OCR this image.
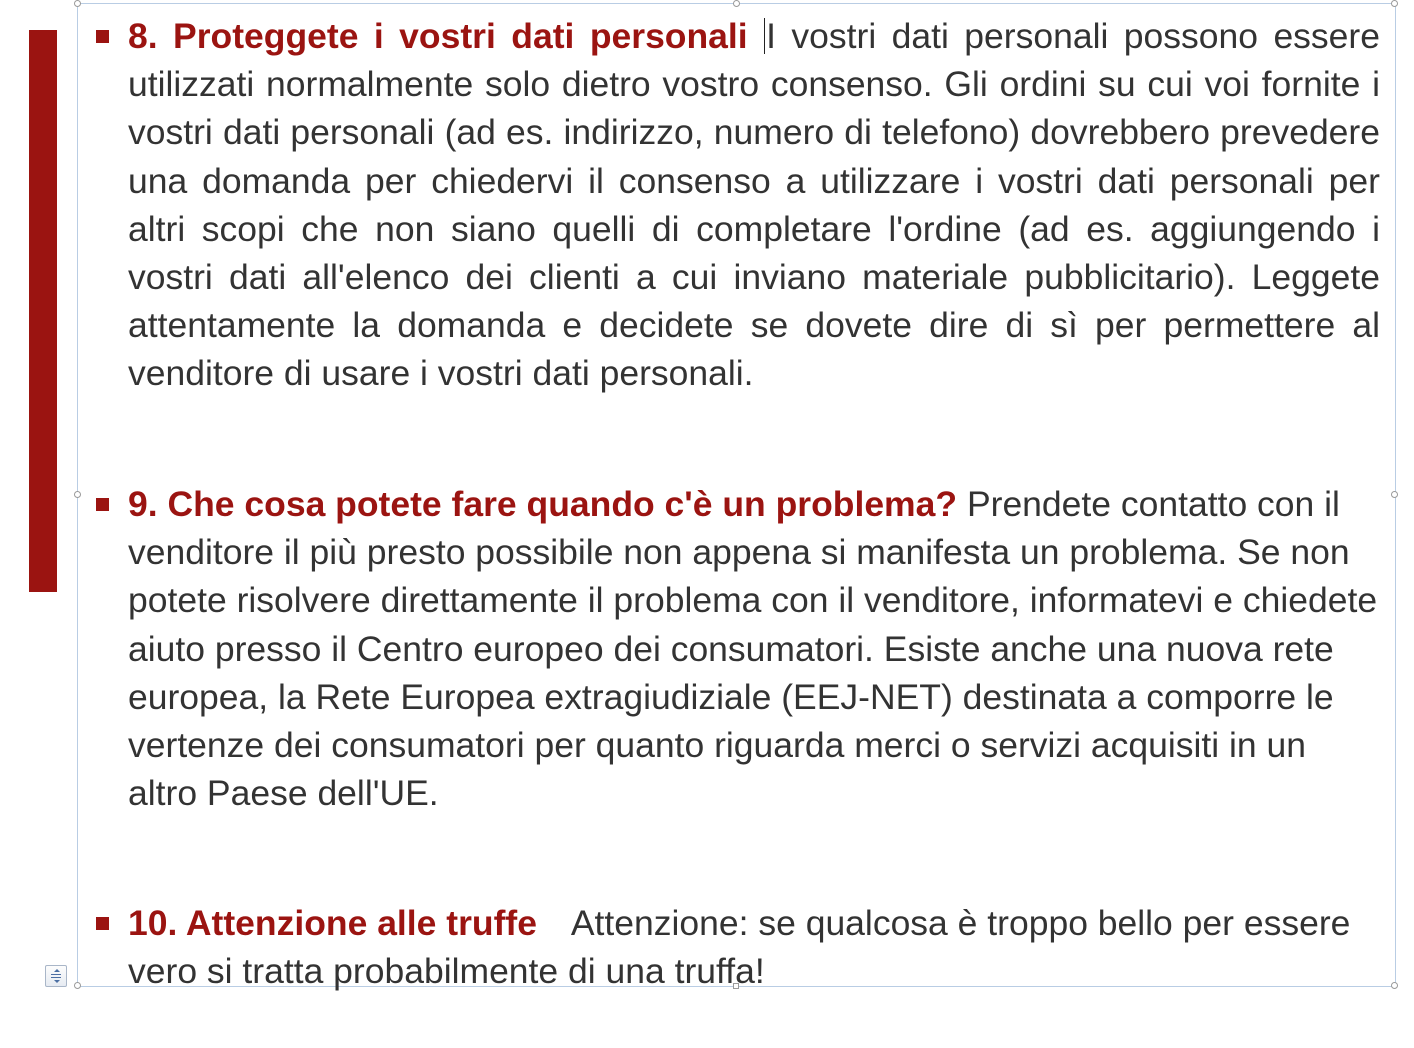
8. Proteggete i vostri dati personali I vostri dati personali possono essere utilizzati normalmente solo dietro vostro consenso. Gli ordini su cui voi fornite i vostri dati personali (ad es. indirizzo, numero di telefono) dovrebbero prevedere una domanda per chiedervi il consenso a utilizzare i vostri dati personali per altri scopi che non siano quelli di completare l'ordine (ad es. aggiungendo i vostri dati all'elenco dei clienti a cui inviano materiale pubblicitario). Leggete attentamente la domanda e decidete se dovete dire di sì per permettere al venditore di usare i vostri dati personali.
9. Che cosa potete fare quando c'è un problema? Prendete contatto con il venditore il più presto possibile non appena si manifesta un problema. Se non potete risolvere direttamente il problema con il venditore, informatevi e chiedete aiuto presso il Centro europeo dei consumatori. Esiste anche una nuova rete europea, la Rete Europea extragiudiziale (EEJ-NET) destinata a comporre le vertenze dei consumatori per quanto riguarda merci o servizi acquisiti in un altro Paese dell'UE.
10. Attenzione alle truffe Attenzione: se qualcosa è troppo bello per essere vero si tratta probabilmente di una truffa!
